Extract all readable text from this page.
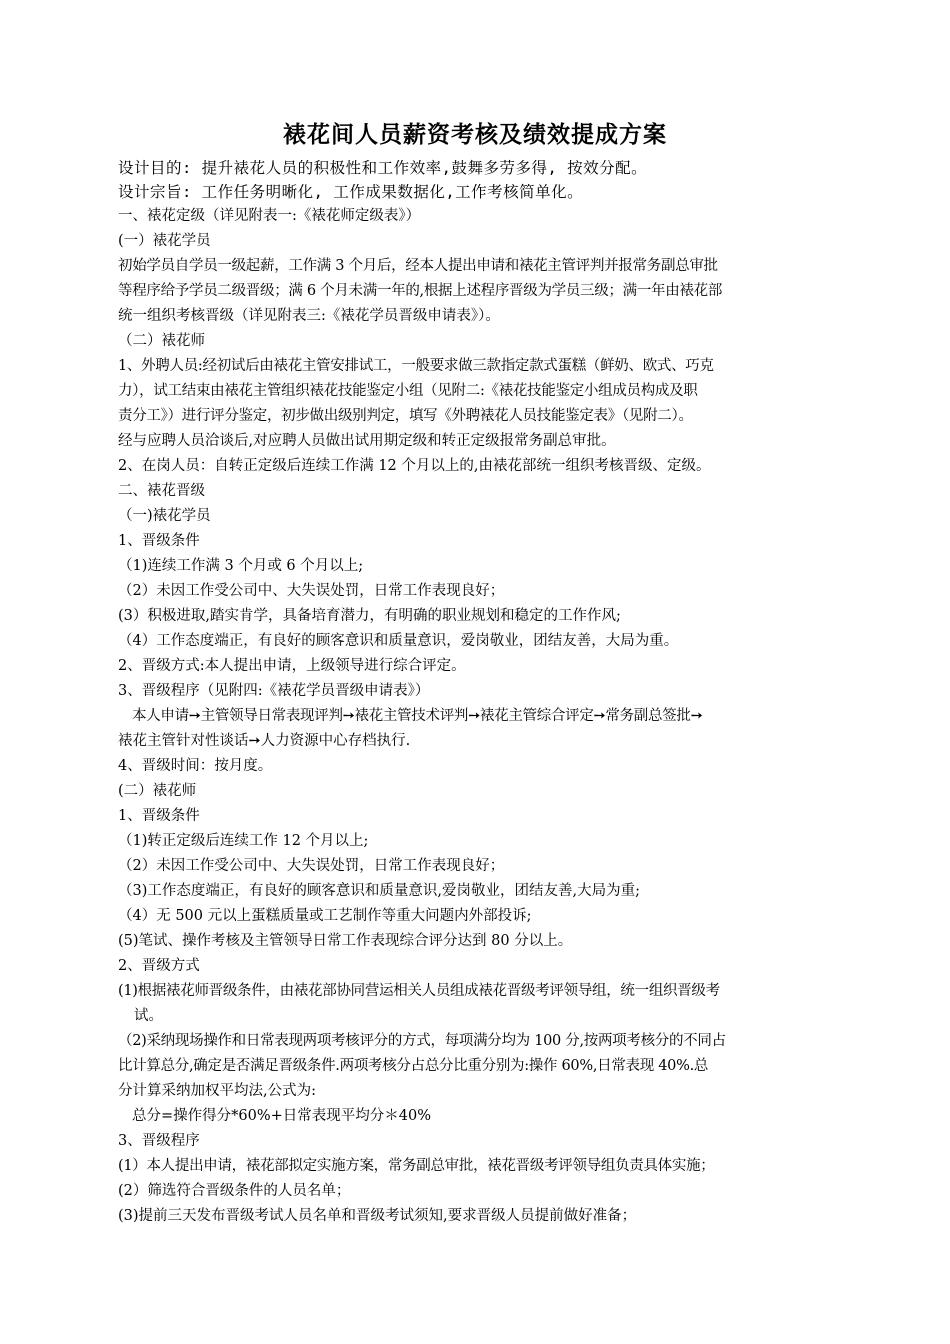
裱花间人员薪资考核及绩效提成方案
设计目的: 提升裱花人员的积极性和工作效率,鼓舞多劳多得, 按效分配。
设计宗旨: 工作任务明晰化, 工作成果数据化,工作考核简单化。
一、裱花定级（详见附表一:《裱花师定级表》）
(一）裱花学员
初始学员自学员一级起薪，工作满 3 个月后，经本人提出申请和裱花主管评判并报常务副总审批
等程序给予学员二级晋级；满 6 个月未满一年的,根据上述程序晋级为学员三级；满一年由裱花部
统一组织考核晋级（详见附表三:《裱花学员晋级申请表》）。
（二）裱花师
1、外聘人员:经初试后由裱花主管安排试工，一般要求做三款指定款式蛋糕（鲜奶、欧式、巧克
力），试工结束由裱花主管组织裱花技能鉴定小组（见附二:《裱花技能鉴定小组成员构成及职
责分工》）进行评分鉴定，初步做出级别判定，填写《外聘裱花人员技能鉴定表》（见附二）。
经与应聘人员洽谈后,对应聘人员做出试用期定级和转正定级报常务副总审批。
2、在岗人员：自转正定级后连续工作满 12 个月以上的,由裱花部统一组织考核晋级、定级。
二、裱花晋级
（一)裱花学员
1、晋级条件
（1)连续工作满 3 个月或 6 个月以上;
（2）未因工作受公司中、大失误处罚，日常工作表现良好；
(3）积极进取,踏实肯学，具备培育潜力，有明确的职业规划和稳定的工作作风;
（4）工作态度端正，有良好的顾客意识和质量意识，爱岗敬业，团结友善，大局为重。
2、晋级方式:本人提出申请，上级领导进行综合评定。
3、晋级程序（见附四:《裱花学员晋级申请表》）
本人申请➙主管领导日常表现评判➙裱花主管技术评判➙裱花主管综合评定➙常务副总签批➙
裱花主管针对性谈话➙人力资源中心存档执行.
4、晋级时间：按月度。
(二）裱花师
1、晋级条件
（1)转正定级后连续工作 12 个月以上;
（2）未因工作受公司中、大失误处罚，日常工作表现良好；
（3)工作态度端正，有良好的顾客意识和质量意识,爱岗敬业，团结友善,大局为重;
（4）无 500 元以上蛋糕质量或工艺制作等重大问题内外部投诉;
(5)笔试、操作考核及主管领导日常工作表现综合评分达到 80 分以上。
2、晋级方式
(1)根据裱花师晋级条件，由裱花部协同营运相关人员组成裱花晋级考评领导组，统一组织晋级考
试。
（2)采纳现场操作和日常表现两项考核评分的方式，每项满分均为 100 分,按两项考核分的不同占
比计算总分,确定是否满足晋级条件.两项考核分占总分比重分别为:操作 60%,日常表现 40%.总
分计算采纳加权平均法,公式为:
总分=操作得分*60%+日常表现平均分＊40%
3、晋级程序
(1）本人提出申请，裱花部拟定实施方案，常务副总审批，裱花晋级考评领导组负责具体实施；
(2）筛选符合晋级条件的人员名单；
(3)提前三天发布晋级考试人员名单和晋级考试须知,要求晋级人员提前做好准备；
